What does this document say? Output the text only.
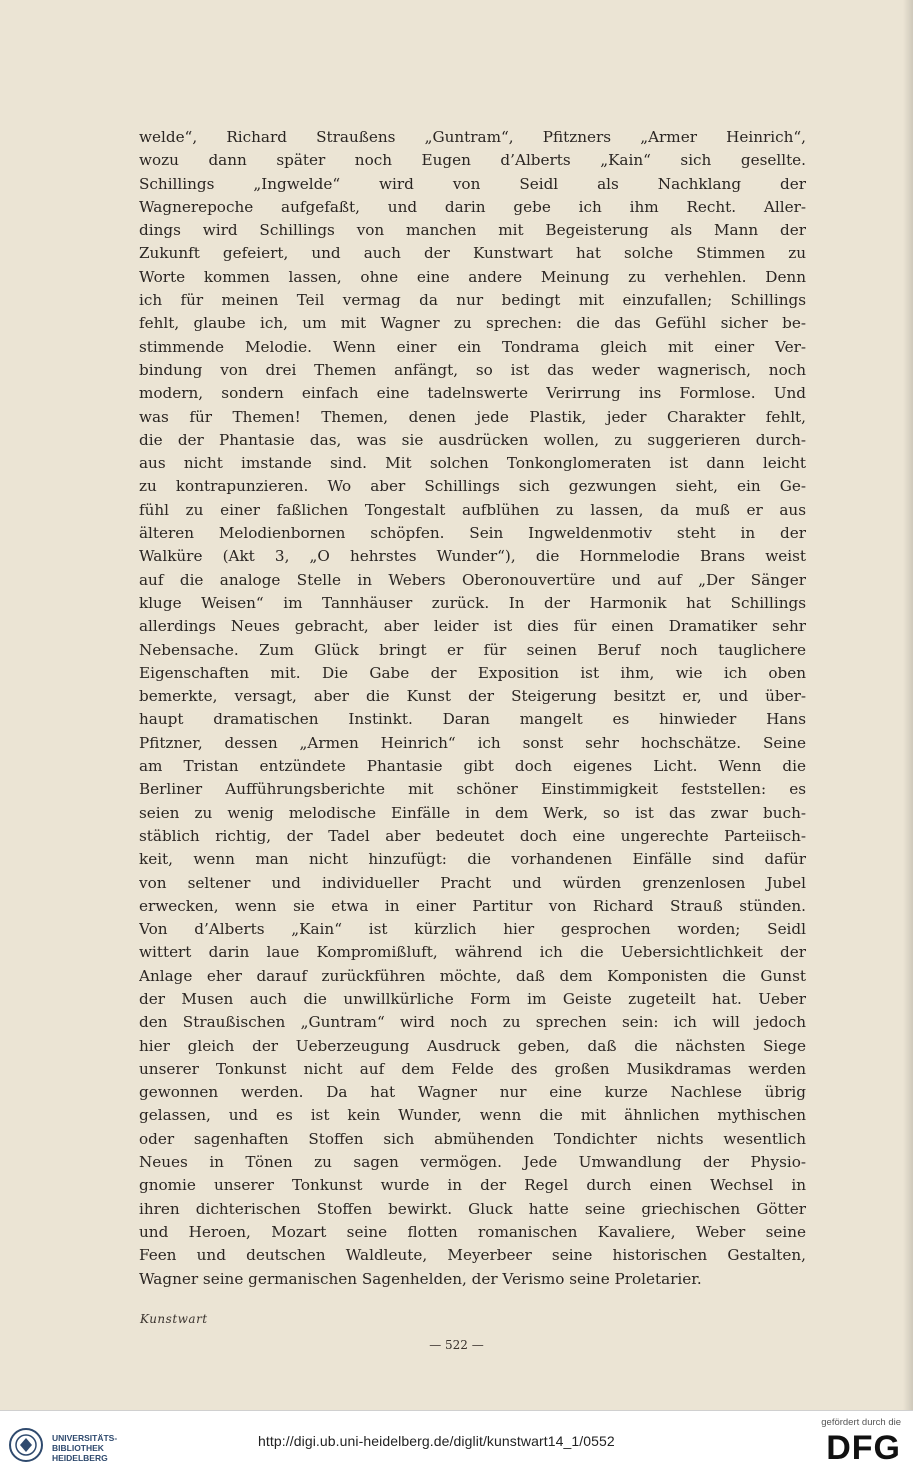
welde“, Richard Straußens „Guntram“, Pfitzners „Armer Heinrich“,
wozu dann später noch Eugen d’Alberts „Kain“ sich gesellte.
Schillings „Ingwelde“ wird von Seidl als Nachklang der
Wagnerepoche aufgefaßt, und darin gebe ich ihm Recht. Aller-
dings wird Schillings von manchen mit Begeisterung als Mann der
Zukunft gefeiert, und auch der Kunstwart hat solche Stimmen zu
Worte kommen lassen, ohne eine andere Meinung zu verhehlen. Denn
ich für meinen Teil vermag da nur bedingt mit einzufallen; Schillings
fehlt, glaube ich, um mit Wagner zu sprechen: die das Gefühl sicher be-
stimmende Melodie. Wenn einer ein Tondrama gleich mit einer Ver-
bindung von drei Themen anfängt, so ist das weder wagnerisch, noch
modern, sondern einfach eine tadelnswerte Verirrung ins Formlose. Und
was für Themen! Themen, denen jede Plastik, jeder Charakter fehlt,
die der Phantasie das, was sie ausdrücken wollen, zu suggerieren durch-
aus nicht imstande sind. Mit solchen Tonkonglomeraten ist dann leicht
zu kontrapunzieren. Wo aber Schillings sich gezwungen sieht, ein Ge-
fühl zu einer faßlichen Tongestalt aufblühen zu lassen, da muß er aus
älteren Melodienbornen schöpfen. Sein Ingweldenmotiv steht in der
Walküre (Akt 3, „O hehrstes Wunder“), die Hornmelodie Brans weist
auf die analoge Stelle in Webers Oberonouvertüre und auf „Der Sänger
kluge Weisen“ im Tannhäuser zurück. In der Harmonik hat Schillings
allerdings Neues gebracht, aber leider ist dies für einen Dramatiker sehr
Nebensache. Zum Glück bringt er für seinen Beruf noch tauglichere
Eigenschaften mit. Die Gabe der Exposition ist ihm, wie ich oben
bemerkte, versagt, aber die Kunst der Steigerung besitzt er, und über-
haupt dramatischen Instinkt. Daran mangelt es hinwieder Hans
Pfitzner, dessen „Armen Heinrich“ ich sonst sehr hochschätze. Seine
am Tristan entzündete Phantasie gibt doch eigenes Licht. Wenn die
Berliner Aufführungsberichte mit schöner Einstimmigkeit feststellen: es
seien zu wenig melodische Einfälle in dem Werk, so ist das zwar buch-
stäblich richtig, der Tadel aber bedeutet doch eine ungerechte Parteiisch-
keit, wenn man nicht hinzufügt: die vorhandenen Einfälle sind dafür
von seltener und individueller Pracht und würden grenzenlosen Jubel
erwecken, wenn sie etwa in einer Partitur von Richard Strauß stünden.
Von d’Alberts „Kain“ ist kürzlich hier gesprochen worden; Seidl
wittert darin laue Kompromißluft, während ich die Uebersichtlichkeit der
Anlage eher darauf zurückführen möchte, daß dem Komponisten die Gunst
der Musen auch die unwillkürliche Form im Geiste zugeteilt hat. Ueber
den Straußischen „Guntram“ wird noch zu sprechen sein: ich will jedoch
hier gleich der Ueberzeugung Ausdruck geben, daß die nächsten Siege
unserer Tonkunst nicht auf dem Felde des großen Musikdramas werden
gewonnen werden. Da hat Wagner nur eine kurze Nachlese übrig
gelassen, und es ist kein Wunder, wenn die mit ähnlichen mythischen
oder sagenhaften Stoffen sich abmühenden Tondichter nichts wesentlich
Neues in Tönen zu sagen vermögen. Jede Umwandlung der Physio-
gnomie unserer Tonkunst wurde in der Regel durch einen Wechsel in
ihren dichterischen Stoffen bewirkt. Gluck hatte seine griechischen Götter
und Heroen, Mozart seine flotten romanischen Kavaliere, Weber seine
Feen und deutschen Waldleute, Meyerbeer seine historischen Gestalten,
Wagner seine germanischen Sagenhelden, der Verismo seine Proletarier.
Kunstwart
— 522 —
UNIVERSITÄTS-
BIBLIOTHEK
HEIDELBERG
http://digi.ub.uni-heidelberg.de/diglit/kunstwart14_1/0552
gefördert durch die
DFG
